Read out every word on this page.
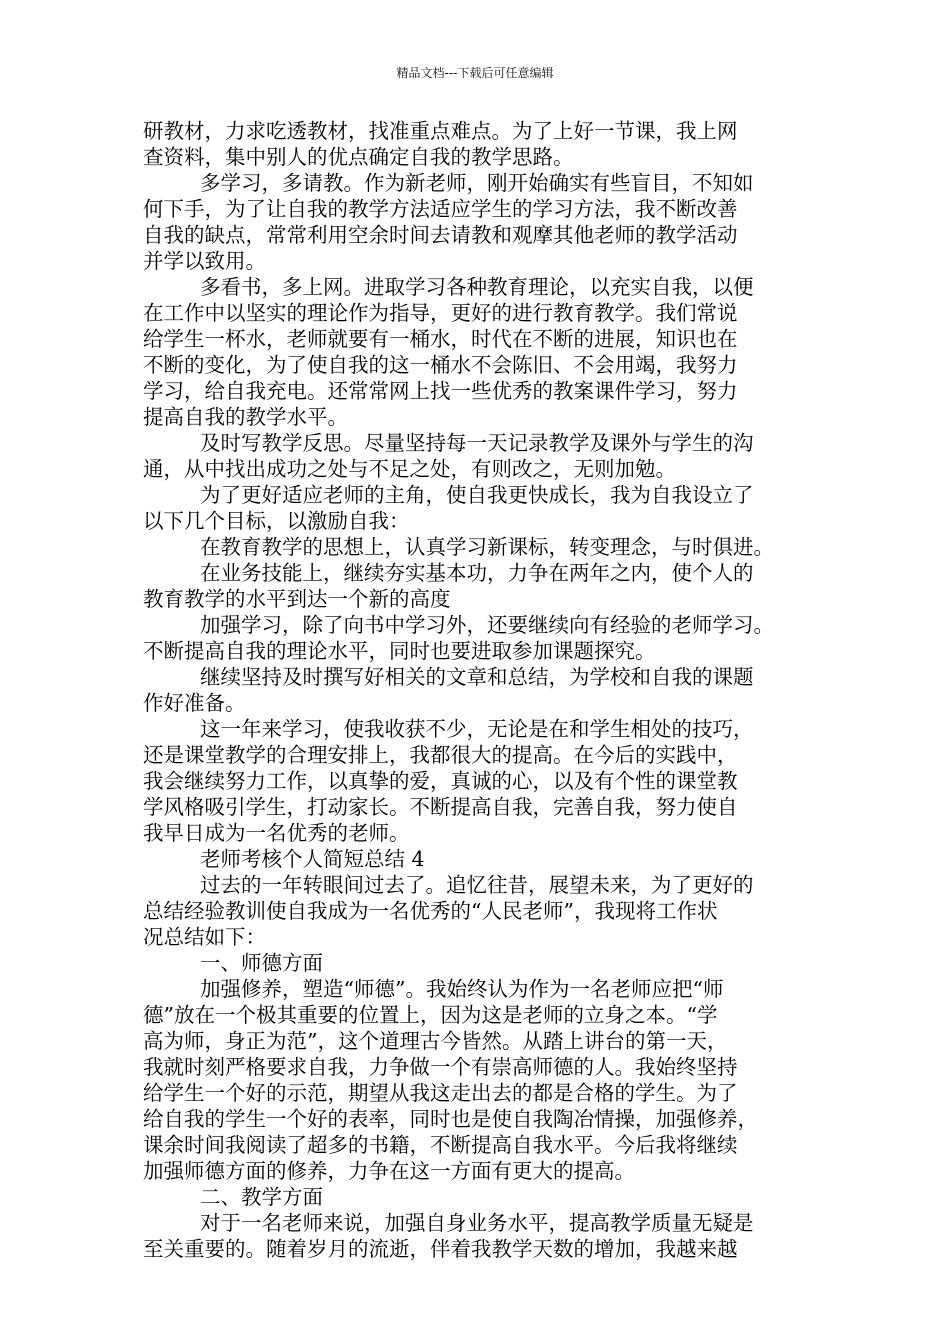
精品文档---下载后可任意编辑
研教材，力求吃透教材，找准重点难点。为了上好一节课，我上网
查资料，集中别人的优点确定自我的教学思路。
多学习，多请教。作为新老师，刚开始确实有些盲目，不知如
何下手，为了让自我的教学方法适应学生的学习方法，我不断改善
自我的缺点，常常利用空余时间去请教和观摩其他老师的教学活动
并学以致用。
多看书，多上网。进取学习各种教育理论，以充实自我，以便
在工作中以坚实的理论作为指导，更好的进行教育教学。我们常说
给学生一杯水，老师就要有一桶水，时代在不断的进展，知识也在
不断的变化，为了使自我的这一桶水不会陈旧、不会用竭，我努力
学习，给自我充电。还常常网上找一些优秀的教案课件学习，努力
提高自我的教学水平。
及时写教学反思。尽量坚持每一天记录教学及课外与学生的沟
通，从中找出成功之处与不足之处，有则改之，无则加勉。
为了更好适应老师的主角，使自我更快成长，我为自我设立了
以下几个目标，以激励自我：
在教育教学的思想上，认真学习新课标，转变理念，与时俱进。
在业务技能上，继续夯实基本功，力争在两年之内，使个人的
教育教学的水平到达一个新的高度
加强学习，除了向书中学习外，还要继续向有经验的老师学习。
不断提高自我的理论水平，同时也要进取参加课题探究。
继续坚持及时撰写好相关的文章和总结，为学校和自我的课题
作好准备。
这一年来学习，使我收获不少，无论是在和学生相处的技巧，
还是课堂教学的合理安排上，我都很大的提高。在今后的实践中，
我会继续努力工作，以真挚的爱，真诚的心，以及有个性的课堂教
学风格吸引学生，打动家长。不断提高自我，完善自我，努力使自
我早日成为一名优秀的老师。
老师考核个人简短总结 4
过去的一年转眼间过去了。追忆往昔，展望未来，为了更好的
总结经验教训使自我成为一名优秀的“人民老师”，我现将工作状
况总结如下：
一、师德方面
加强修养，塑造“师德”。我始终认为作为一名老师应把“师
德”放在一个极其重要的位置上，因为这是老师的立身之本。“学
高为师，身正为范”，这个道理古今皆然。从踏上讲台的第一天，
我就时刻严格要求自我，力争做一个有崇高师德的人。我始终坚持
给学生一个好的示范，期望从我这走出去的都是合格的学生。为了
给自我的学生一个好的表率，同时也是使自我陶冶情操，加强修养，
课余时间我阅读了超多的书籍，不断提高自我水平。今后我将继续
加强师德方面的修养，力争在这一方面有更大的提高。
二、教学方面
对于一名老师来说，加强自身业务水平，提高教学质量无疑是
至关重要的。随着岁月的流逝，伴着我教学天数的增加，我越来越
